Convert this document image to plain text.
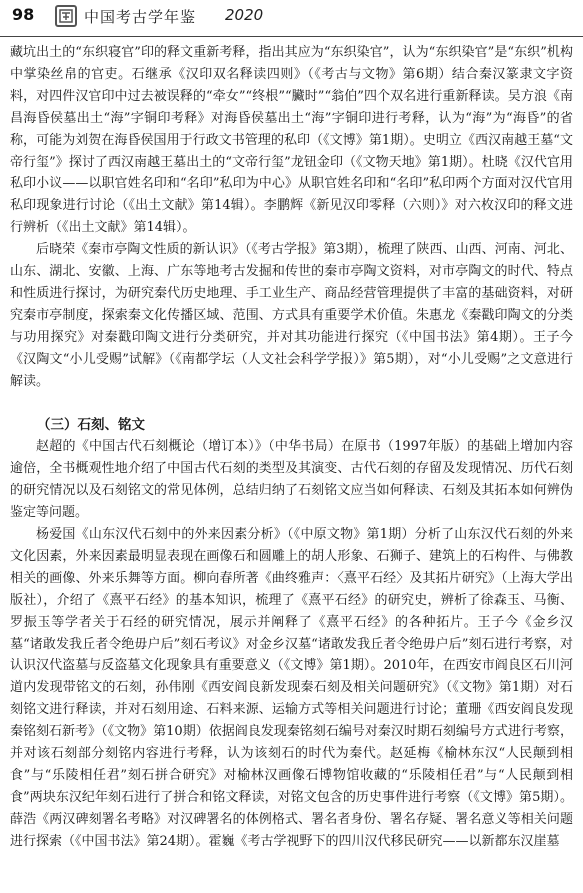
98	中国考古学年鉴 2020

藏坑出土的“东织寝官”印的释文重新考释，指出其应为“东织染官”，认为“东织染官”是“东织”机构中掌染丝帛的官吏。石继承《汉印双名释读四则》（《考古与文物》第6期）结合秦汉篆隶文字资料，对四件汉官印中过去被误释的“牵女”“终根”“臟时”“翁伯”四个双名进行重新释读。吴方浪《南昌海昏侯墓出土“海”字铜印考释》对海昏侯墓出土“海”字铜印进行考释，认为“海”为“海昏”的省称，可能为刘贺在海昏侯国用于行政文书管理的私印（《文博》第1期）。史明立《西汉南越王墓“文帝行玺”》探讨了西汉南越王墓出土的“文帝行玺”龙钮金印（《文物天地》第1期）。杜晓《汉代官用私印小议——以职官姓名印和“名印”私印为中心》从职官姓名印和“名印”私印两个方面对汉代官用私印现象进行讨论（《出土文献》第14辑）。李鹏辉《新见汉印零释（六则）》对六枚汉印的释文进行辨析（《出土文献》第14辑）。

后晓荣《秦市亭陶文性质的新认识》（《考古学报》第3期），梳理了陕西、山西、河南、河北、山东、湖北、安徽、上海、广东等地考古发掘和传世的秦市亭陶文资料，对市亭陶文的时代、特点和性质进行探讨，为研究秦代历史地理、手工业生产、商品经营管理提供了丰富的基础资料，对研究秦市亭制度，探索秦文化传播区域、范围、方式具有重要学术价值。朱惠龙《秦戳印陶文的分类与功用探究》对秦戳印陶文进行分类研究，并对其功能进行探究（《中国书法》第4期）。王子今《汉陶文“小儿受赐”试解》（《南都学坛（人文社会科学学报）》第5期），对“小儿受赐”之文意进行解读。

（三）石刻、铭文

赵超的《中国古代石刻概论（增订本）》（中华书局）在原书（1997年版）的基础上增加内容逾倍，全书概观性地介绍了中国古代石刻的类型及其演变、古代石刻的存留及发现情况、历代石刻的研究情况以及石刻铭文的常见体例，总结归纳了石刻铭文应当如何释读、石刻及其拓本如何辨伪鉴定等问题。

杨爱国《山东汉代石刻中的外来因素分析》（《中原文物》第1期）分析了山东汉代石刻的外来文化因素，外来因素最明显表现在画像石和圆雕上的胡人形象、石狮子、建筑上的石构件、与佛教相关的画像、外来乐舞等方面。柳向春所著《曲终雅声：〈熹平石经〉及其拓片研究》（上海大学出版社），介绍了《熹平石经》的基本知识，梳理了《熹平石经》的研究史，辨析了徐森玉、马衡、罗振玉等学者关于石经的研究情况，展示并阐释了《熹平石经》的各种拓片。王子今《金乡汉墓“诸敢发我丘者令绝毋户后”刻石考议》对金乡汉墓“诸敢发我丘者令绝毋户后”刻石进行考察，对认识汉代盗墓与反盗墓文化现象具有重要意义（《文博》第1期）。2010年，在西安市阎良区石川河道内发现带铭文的石刻，孙伟刚《西安阎良新发现秦石刻及相关问题研究》（《文物》第1期）对石刻铭文进行释读，并对石刻用途、石料来源、运输方式等相关问题进行讨论；董珊《西安阎良发现秦铭刻石新考》（《文物》第10期）依据阎良发现秦铭刻石编号对秦汉时期石刻编号方式进行考察，并对该石刻部分刻铭内容进行考释，认为该刻石的时代为秦代。赵延梅《榆林东汉“人民颠到相食”与“乐陵相任君”刻石拼合研究》对榆林汉画像石博物馆收藏的“乐陵相任君”与“人民颠到相食”两块东汉纪年刻石进行了拼合和铭文释读，对铭文包含的历史事件进行考察（《文博》第5期）。薛浩《两汉碑刻署名考略》对汉碑署名的体例格式、署名者身份、署名存疑、署名意义等相关问题进行探索（《中国书法》第24期）。霍巍《考古学视野下的四川汉代移民研究——以新都东汉崖墓
